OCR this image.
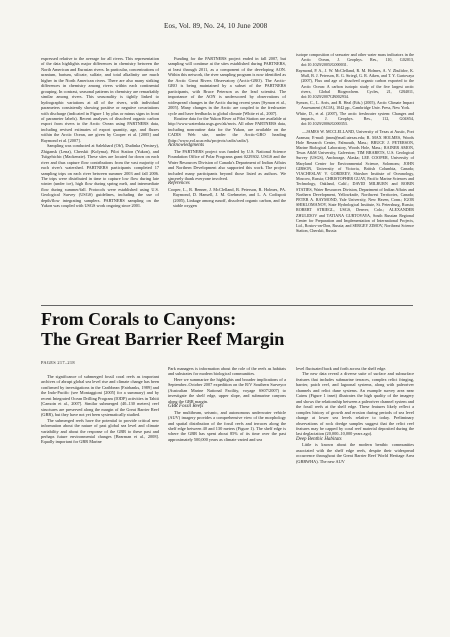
Eos, Vol. 89, No. 24, 10 June 2008

expressed relative to the average for all rivers. This representation of the data highlights major differences in chemistry between the North American and Eurasian rivers. In particular, concentrations of uranium, barium, silicate, sulfate, and total alkalinity are much higher in the North American rivers. There are also many striking differences in chemistry among rivers within each continental grouping. In contrast, seasonal patterns in chemistry are remarkably similar among rivers. This seasonality is tightly linked to hydrographic variations at all of the rivers, with individual parameters consistently showing positive or negative covariations with discharge (indicated in Figure 1 by plus or minus signs in front of parameter labels). Recent analyses of dissolved organic carbon export from rivers to the Arctic Ocean using PARTNERS data, including revised estimates of export quantity, age, and fluxes within the Arctic Ocean, are given by Cooper et al. [2005] and Raymond et al. [2007].

Sampling was conducted at Salekhard (Ob'), Dudinka (Yenisey), Zhigansk (Lena), Cherskii (Kolyma), Pilot Station (Yukon), and Tsiigehtchic (Mackenzie). These sites are located far down on each river and thus capture flow contributions from the vast majority of each river's watershed. PARTNERS participants completed 17 sampling trips on each river between summer 2003 and fall 2006. The trips were distributed in time to capture low flow during late winter (under ice), high flow during spring melt, and intermediate flow during summer/fall. Protocols were established using U.S. Geological Survey (USGS) guidelines, including the use of depth/flow integrating samplers. PARTNERS sampling on the Yukon was coupled with USGS work ongoing since 2001.

Funding for the PARTNERS project ended in fall 2007, but sampling will continue at the sites established during PARTNERS, at least through 2011, as a component of the developing AON. Within this network, the river sampling program is now identified as the Arctic Great Rivers Observatory (Arctic-GRO). The Arctic-GRO is being maintained by a subset of the PARTNERS participants, with Bruce Peterson as the lead scientist. The importance of the AON is underscored by observations of widespread changes in the Arctic during recent years [Symon et al., 2005]. Many changes in the Arctic are coupled to the freshwater cycle and have feedbacks to global climate [White et al., 2007].

Routine data for the Yukon River at Pilot Station are available at http://www.waterdata.usgs.gov/ak/nwis. All other PARTNERS data, including nonroutine data for the Yukon, are available on the CADIS Web site, under the Arctic-GRO heading (http://www.eol.ucar.edu/projects/cadis/cadis/).

Acknowledgments

The PARTNERS project was funded by U.S. National Science Foundation Office of Polar Programs grant 0229302. USGS and the Water Resources Division of Canada's Department of Indian Affairs and Northern Development also supported this work. The project included many participants beyond those listed as authors. We sincerely thank everyone involved.

References

Cooper, L., R. Benner, J. McClelland, B. Peterson, R. Holmes, PA. Raymond, D. Hansell, J. M. Grebmeier, and L. A. Codispoti (2005), Linkage among runoff, dissolved organic carbon, and the stable oxygen

isotope composition of seawater and other water mass indicators in the Arctic Ocean, J. Geophys. Res., 110, G02013, doi:10.1029/2005JG000031.

Raymond, P. A., J. W. McClelland, R. M. Holmes, A. V. Zhulidov, K. Mull, B. J. Peterson, R. G. Striegl, G. R. Aiken, and T. Y. Gurtovaya (2007), Flux and age of dissolved organic carbon exported to the Arctic Ocean: A carbon isotopic study of the five largest arctic rivers, Global Biogeochem. Cycles, 21, GB4011, doi:10.1029/2007GB002934.

Symon, C., L. Arris, and B. Heal (Eds.) (2005), Arctic Climate Impact Assessment (ACIA), 1042 pp., Cambridge Univ. Press, New York.

White, D., et al. (2007), The arctic freshwater system: Changes and impacts, J. Geophys. Res., 112, G04S54, doi:10.1029/2006JG000353.

—JAMES W. MCCLELLAND, University of Texas at Austic, Port Aransas; E-mail: jimm@mail.utexas.edu; R. MAX HOLMES, Woods Hole Research Center, Falmouth, Mass.; BRUCE J. PETERSON, Marine Biological Laboratory, Woods Hole, Mass.; RAINER AMON, Texas A&M University, Galveston; TIM BRABETS, U.S. Geological Survey (USGS), Anchorage, Alaska; LEE COOPER, University of Maryland Center for Environmental Science, Solomons; JOHN GIBSON, University of Victoria, British Columbia, Canada; VIACHESLAV V. GORDEEV, Shirshov Institute of Oceanology, Moscow, Russia; CHRISTOPHER GUAY, Pacific Marine Sciences and Technology, Oakland, Calif.; DAVID MILBURN and ROBIN STATIES, Water Resources Division, Department of Indian Affairs and Northern Development, Yellowknife, Northwest Territories, Canada; PETER A. RAYMOND, Yale University, New Haven, Conn.; IGOR SHIKLOMANOV, State Hydrological Institute, St. Petersburg, Russia; ROBERT STRIEGL, USGS, Denver, Colo.; ALEXANDER ZHULIDOV and TATIANA GURTOVAYA, South Russian Regional Center for Preparation and Implementation of International Projects, Ltd., Rostov-on-Don, Russia; and SERGEY ZIMOV, Northeast Science Station, Cherskii, Russia

From Corals to Canyons:
The Great Barrier Reef Margin
PAGES 217–218

The significance of submerged fossil coral reefs as important archives of abrupt global sea level rise and climate change has been confirmed by investigations in the Caribbean [Fairbanks, 1989] and the Indo-Pacific (see Montaggioni [2005] for a summary) and by recent Integrated Ocean Drilling Program (IODP) activities in Tahiti [Camoin et al., 2007]. Similar submerged (40–130 meters) reef structures are preserved along the margin of the Great Barrier Reef (GBR), but they have not yet been systematically studied.

The submerged reefs have the potential to provide critical new information about the nature of past global sea level and climate variability and about the response of the GBR to these past and perhaps future environmental changes [Bearman et al., 2008]. Equally important for GBR Marine

Park managers is information about the role of the reefs as habitats and substrates for modern biological communities.

Here we summarize the highlights and broader implications of a September–October 2007 expedition on the R/V Southern Surveyor (Australian Marine National Facility, voyage SS07/2007) to investigate the shelf edge, upper slope, and submarine canyons along the GBR margin.

GBR Fossil Reefs

The multibeam, seismic, and autonomous underwater vehicle (AUV) imagery provides a comprehensive view of the morphology and spatial distribution of the fossil reefs and terraces along the shelf edge between 40 and 130 meters (Figure 1). The shelf edge is where the GBR has spent about 85% of its time over the past approximately 500,000 years as climate varied and sea

level fluctuated back and forth across the shelf edge.

The new data reveal a diverse suite of surface and subsurface features that includes submarine terraces, complex relict fringing, barrier, patch reef, and lagoonal systems, along with paleoriver channels and relict dune systems. An example survey area near Cairns (Figure 1 inset) illustrates the high quality of the imagery and shows the relationship between a paleoriver channel system and the fossil reefs at the shelf edge. These features likely reflect a complex history of growth and erosion during periods of sea level change at lower sea levels relative to today. Preliminary observations of rock dredge samples suggest that the relict reef features may be capped by coral reef material deposited during the last deglaciation (20,000–10,000 years ago).

Deep Benthic Habitats

Little is known about the modern benthic communities associated with the shelf edge reefs, despite their widespread occurrence throughout the Great Barrier Reef World Heritage Area (GBRWHA). The new AUV
